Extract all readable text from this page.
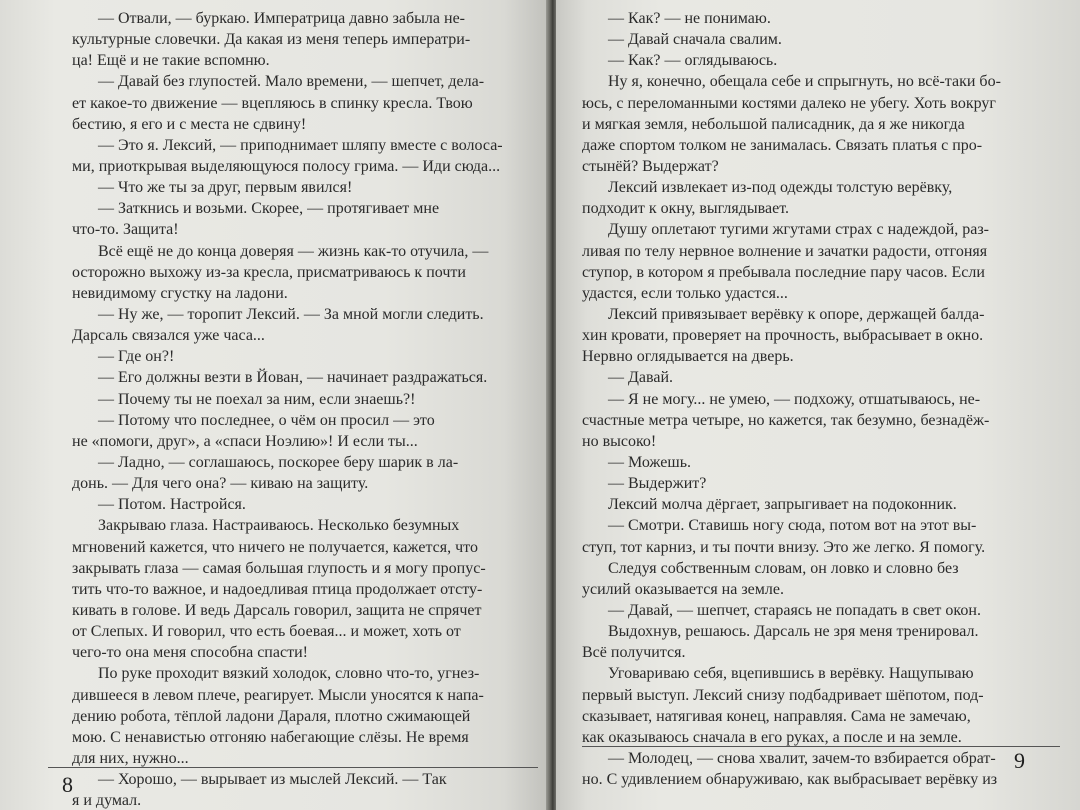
— Отвали, — буркаю. Императрица давно забыла не-
культурные словечки. Да какая из меня теперь императри-
ца! Ещё и не такие вспомню.
— Давай без глупостей. Мало времени, — шепчет, дела-
ет какое-то движение — вцепляюсь в спинку кресла. Твою
бестию, я его и с места не сдвину!
— Это я. Лексий, — приподнимает шляпу вместе с волоса-
ми, приоткрывая выделяющуюся полосу грима. — Иди сюда...
— Что же ты за друг, первым явился!
— Заткнись и возьми. Скорее, — протягивает мне
что-то. Защита!
Всё ещё не до конца доверяя — жизнь как-то отучила, —
осторожно выхожу из-за кресла, присматриваюсь к почти
невидимому сгустку на ладони.
— Ну же, — торопит Лексий. — За мной могли следить.
Дарсаль связался уже часа...
— Где он?!
— Его должны везти в Йован, — начинает раздражаться.
— Почему ты не поехал за ним, если знаешь?!
— Потому что последнее, о чём он просил — это
не «помоги, друг», а «спаси Ноэлию»! И если ты...
— Ладно, — соглашаюсь, поскорее беру шарик в ла-
донь. — Для чего она? — киваю на защиту.
— Потом. Настройся.
Закрываю глаза. Настраиваюсь. Несколько безумных
мгновений кажется, что ничего не получается, кажется, что
закрывать глаза — самая большая глупость и я могу пропус-
тить что-то важное, и надоедливая птица продолжает отсту-
кивать в голове. И ведь Дарсаль говорил, защита не спрячет
от Слепых. И говорил, что есть боевая... и может, хоть от
чего-то она меня способна спасти!
По руке проходит вязкий холодок, словно что-то, угнез-
дившееся в левом плече, реагирует. Мысли уносятся к напа-
дению робота, тёплой ладони Дараля, плотно сжимающей
мою. С ненавистью отгоняю набегающие слёзы. Не время
для них, нужно...
— Хорошо, — вырывает из мыслей Лексий. — Так
я и думал.
8
— Как? — не понимаю.
— Давай сначала свалим.
— Как? — оглядываюсь.
Ну я, конечно, обещала себе и спрыгнуть, но всё-таки бо-
юсь, с переломанными костями далеко не убегу. Хоть вокруг
и мягкая земля, небольшой палисадник, да я же никогда
даже спортом толком не занималась. Связать платья с про-
стынёй? Выдержат?
Лексий извлекает из-под одежды толстую верёвку,
подходит к окну, выглядывает.
Душу оплетают тугими жгутами страх с надеждой, раз-
ливая по телу нервное волнение и зачатки радости, отгоняя
ступор, в котором я пребывала последние пару часов. Если
удастся, если только удастся...
Лексий привязывает верёвку к опоре, держащей балда-
хин кровати, проверяет на прочность, выбрасывает в окно.
Нервно оглядывается на дверь.
— Давай.
— Я не могу... не умею, — подхожу, отшатываюсь, не-
счастные метра четыре, но кажется, так безумно, безнадёж-
но высоко!
— Можешь.
— Выдержит?
Лексий молча дёргает, запрыгивает на подоконник.
— Смотри. Ставишь ногу сюда, потом вот на этот вы-
ступ, тот карниз, и ты почти внизу. Это же легко. Я помогу.
Следуя собственным словам, он ловко и словно без
усилий оказывается на земле.
— Давай, — шепчет, стараясь не попадать в свет окон.
Выдохнув, решаюсь. Дарсаль не зря меня тренировал.
Всё получится.
Уговариваю себя, вцепившись в верёвку. Нащупываю
первый выступ. Лексий снизу подбадривает шёпотом, под-
сказывает, натягивая конец, направляя. Сама не замечаю,
как оказываюсь сначала в его руках, а после и на земле.
— Молодец, — снова хвалит, зачем-то взбирается обрат-
но. С удивлением обнаруживаю, как выбрасывает верёвку из
9
